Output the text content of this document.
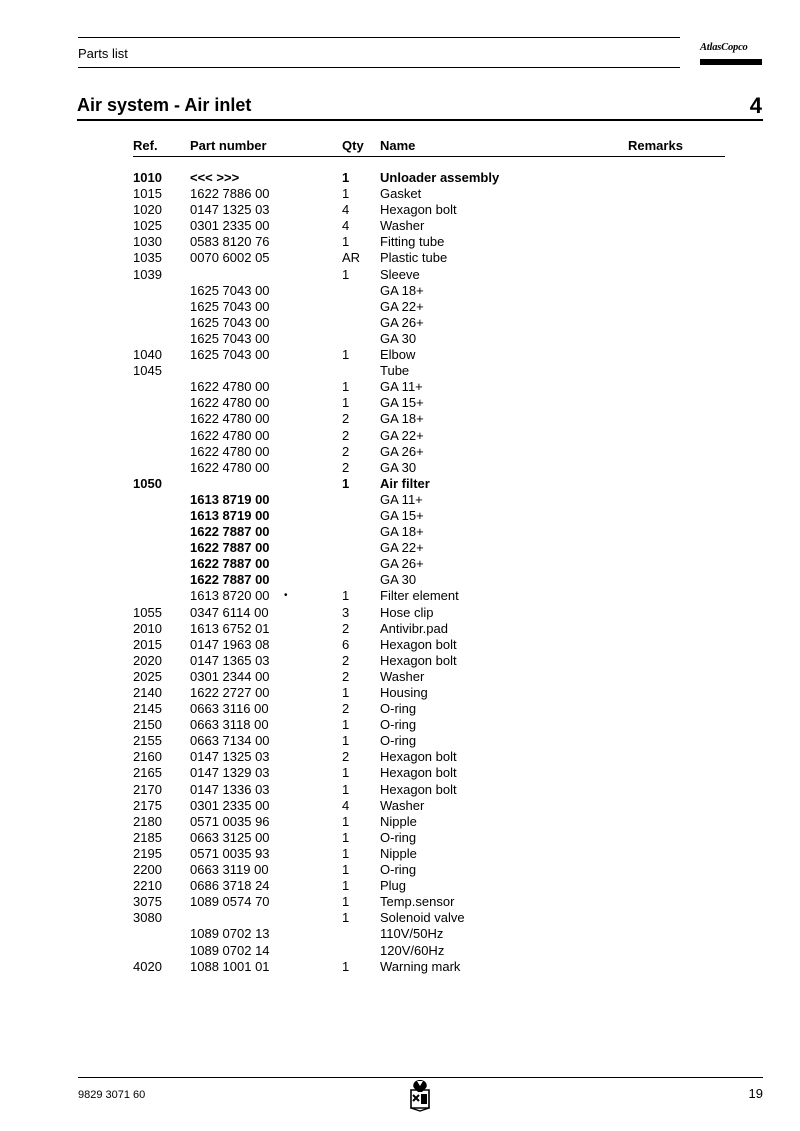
Parts list	AtlasCopco
Air system - Air inlet	4
Ref. Part number	Qty Name	Remarks
1010 <<< >>>	1 Unloader assembly
1015 1622 7886 00	1 Gasket
1020 0147 1325 03	4 Hexagon bolt
1025 0301 2335 00	4 Washer
1030 0583 8120 76	1 Fitting tube
1035 0070 6002 05	AR Plastic tube
1039	1 Sleeve
1625 7043 00	GA 18+
1625 7043 00	GA 22+
1625 7043 00	GA 26+
1625 7043 00	GA 30
1040 1625 7043 00	1 Elbow
1045	Tube
1622 4780 00	1 GA 11+
1622 4780 00	1 GA 15+
1622 4780 00	2 GA 18+
1622 4780 00	2 GA 22+
1622 4780 00	2 GA 26+
1622 4780 00	2 GA 30
1050	1 Air filter
1613 8719 00	GA 11+
1613 8719 00	GA 15+
1622 7887 00	GA 18+
1622 7887 00	GA 22+
1622 7887 00	GA 26+
1622 7887 00	GA 30
1613 8720 00 •	1 Filter element
1055 0347 6114 00	3 Hose clip
2010 1613 6752 01	2 Antivibr.pad
2015 0147 1963 08	6 Hexagon bolt
2020 0147 1365 03	2 Hexagon bolt
2025 0301 2344 00	2 Washer
2140 1622 2727 00	1 Housing
2145 0663 3116 00	2 O-ring
2150 0663 3118 00	1 O-ring
2155 0663 7134 00	1 O-ring
2160 0147 1325 03	2 Hexagon bolt
2165 0147 1329 03	1 Hexagon bolt
2170 0147 1336 03	1 Hexagon bolt
2175 0301 2335 00	4 Washer
2180 0571 0035 96	1 Nipple
2185 0663 3125 00	1 O-ring
2195 0571 0035 93	1 Nipple
2200 0663 3119 00	1 O-ring
2210 0686 3718 24	1 Plug
3075 1089 0574 70	1 Temp.sensor
3080	1 Solenoid valve
1089 0702 13	110V/50Hz
1089 0702 14	120V/60Hz
4020 1088 1001 01	1 Warning mark
9829 3071 60	19
